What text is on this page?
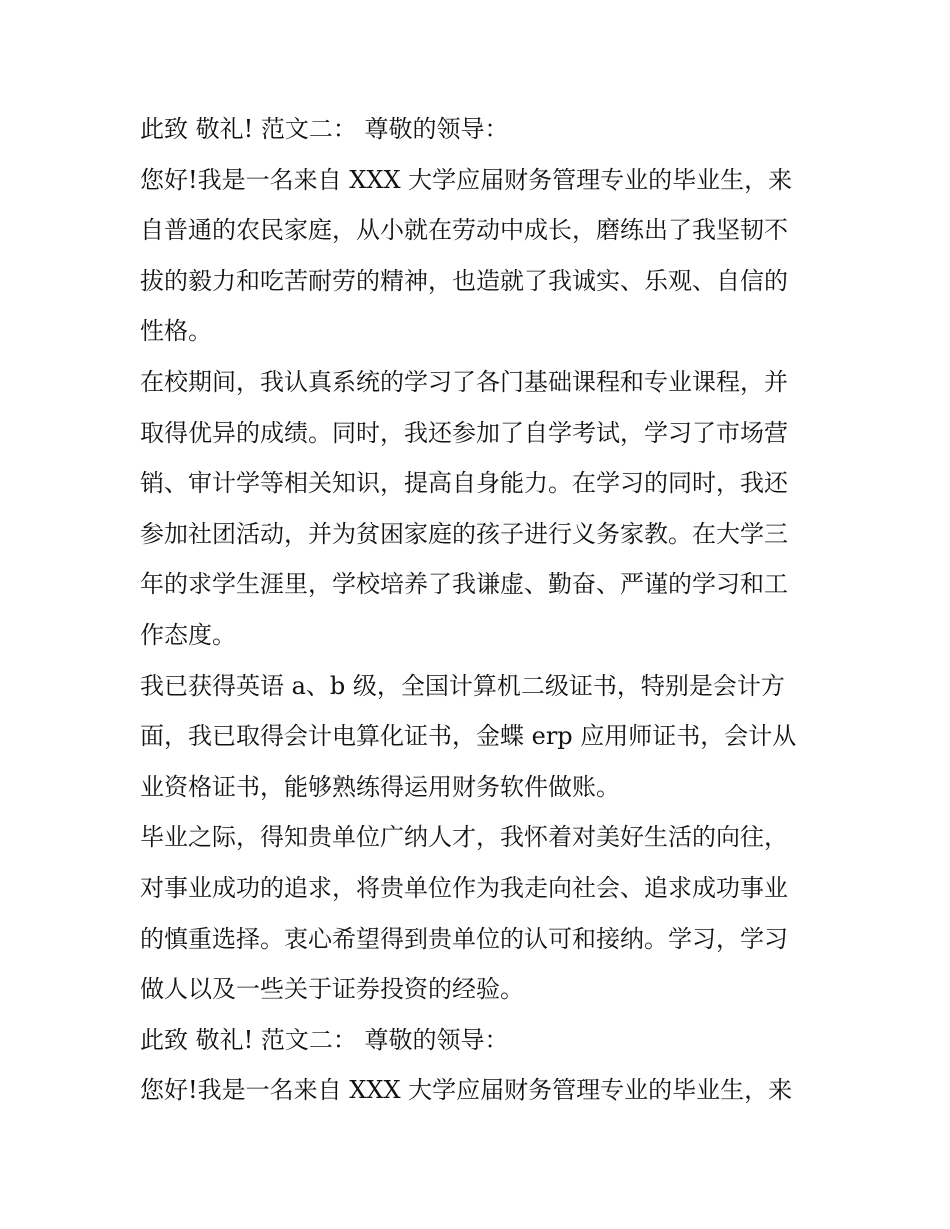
此致 敬礼! 范文二： 尊敬的领导：
您好!我是一名来自 XXX 大学应届财务管理专业的毕业生，来
自普通的农民家庭，从小就在劳动中成长，磨练出了我坚韧不
拔的毅力和吃苦耐劳的精神，也造就了我诚实、乐观、自信的
性格。
在校期间，我认真系统的学习了各门基础课程和专业课程，并
取得优异的成绩。同时，我还参加了自学考试，学习了市场营
销、审计学等相关知识，提高自身能力。在学习的同时，我还
参加社团活动，并为贫困家庭的孩子进行义务家教。在大学三
年的求学生涯里，学校培养了我谦虚、勤奋、严谨的学习和工
作态度。
我已获得英语 a、b 级，全国计算机二级证书，特别是会计方
面，我已取得会计电算化证书，金蝶 erp 应用师证书，会计从
业资格证书，能够熟练得运用财务软件做账。
毕业之际，得知贵单位广纳人才，我怀着对美好生活的向往，
对事业成功的追求，将贵单位作为我走向社会、追求成功事业
的慎重选择。衷心希望得到贵单位的认可和接纳。学习，学习
做人以及一些关于证券投资的经验。
此致 敬礼! 范文二： 尊敬的领导：
您好!我是一名来自 XXX 大学应届财务管理专业的毕业生，来
